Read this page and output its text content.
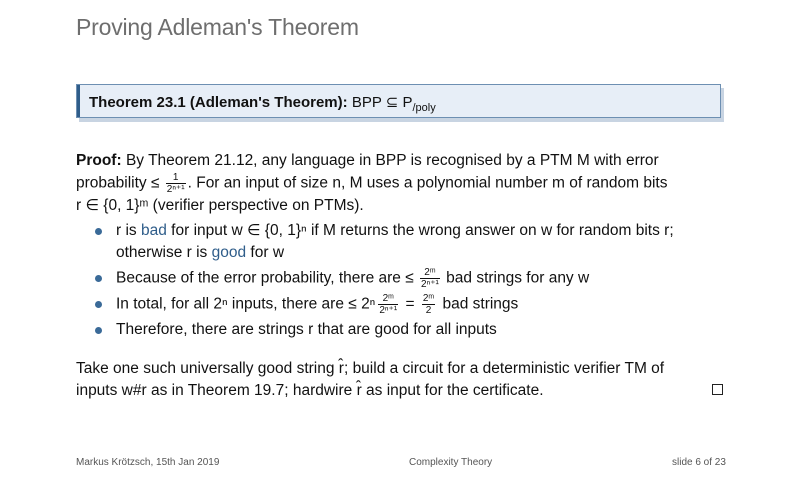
Proving Adleman's Theorem
Theorem 23.1 (Adleman's Theorem): BPP ⊆ $P_{/poly}$
Proof: By Theorem 21.12, any language in BPP is recognised by a PTM M with error
probability ≤ $\frac{1}{\text{2ⁿ⁺¹}}$ . For an input of size n, M uses a polynomial number m of random bits
r ∈ {0, 1}ᵐ (verifier perspective on PTMs).
r is bad for input w ∈ {0, 1}ⁿ if M returns the wrong answer on w for random bits r;
otherwise r is good for w
Because of the error probability, there are ≤ $\frac{\text{2ᵐ}}{\text{2ⁿ⁺¹}}$ bad strings for any w
In total, for all 2ⁿ inputs, there are ≤ $2^n \frac{\text{2ᵐ}}{\text{2ⁿ⁺¹}} = \frac{\text{2ᵐ}}{2}$ bad strings
Therefore, there are strings r that are good for all inputs
Take one such universally good string r̂; build a circuit for a deterministic verifier TM of
inputs w#r as in Theorem 19.7; hardwire r̂ as input for the certificate.
Markus Krötzsch, 15th Jan 2019	Complexity Theory	slide 6 of 23
